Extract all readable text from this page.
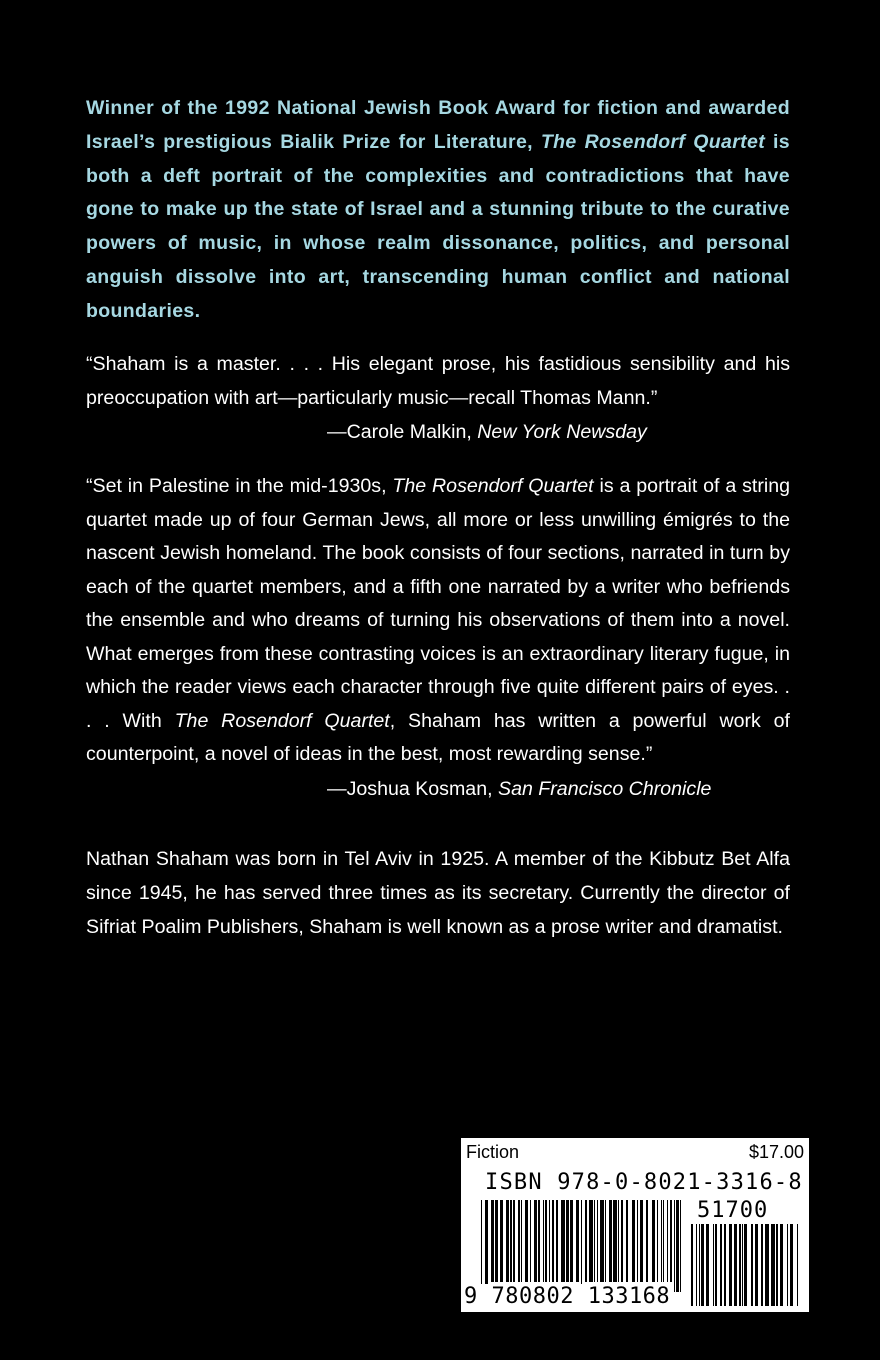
Winner of the 1992 National Jewish Book Award for fiction and awarded Israel’s prestigious Bialik Prize for Literature, The Rosendorf Quartet is both a deft portrait of the complexities and contradictions that have gone to make up the state of Israel and a stunning tribute to the curative powers of music, in whose realm dissonance, politics, and personal anguish dissolve into art, transcending human conflict and national boundaries.

“Shaham is a master. . . . His elegant prose, his fastidious sensibility and his preoccupation with art—particularly music—recall Thomas Mann.”

—Carole Malkin, New York Newsday

“Set in Palestine in the mid-1930s, The Rosendorf Quartet is a portrait of a string quartet made up of four German Jews, all more or less unwilling émigrés to the nascent Jewish homeland. The book consists of four sections, narrated in turn by each of the quartet members, and a fifth one narrated by a writer who befriends the ensemble and who dreams of turning his observations of them into a novel. What emerges from these contrasting voices is an extraordinary literary fugue, in which the reader views each character through five quite different pairs of eyes. . . . With The Rosendorf Quartet, Shaham has written a powerful work of counterpoint, a novel of ideas in the best, most rewarding sense.”

—Joshua Kosman, San Francisco Chronicle

Nathan Shaham was born in Tel Aviv in 1925. A member of the Kibbutz Bet Alfa since 1945, he has served three times as its secretary. Currently the director of Sifriat Poalim Publishers, Shaham is well known as a prose writer and dramatist.

Fiction	$17.00
ISBN 978-0-8021-3316-8
51700
9 780802 133168
